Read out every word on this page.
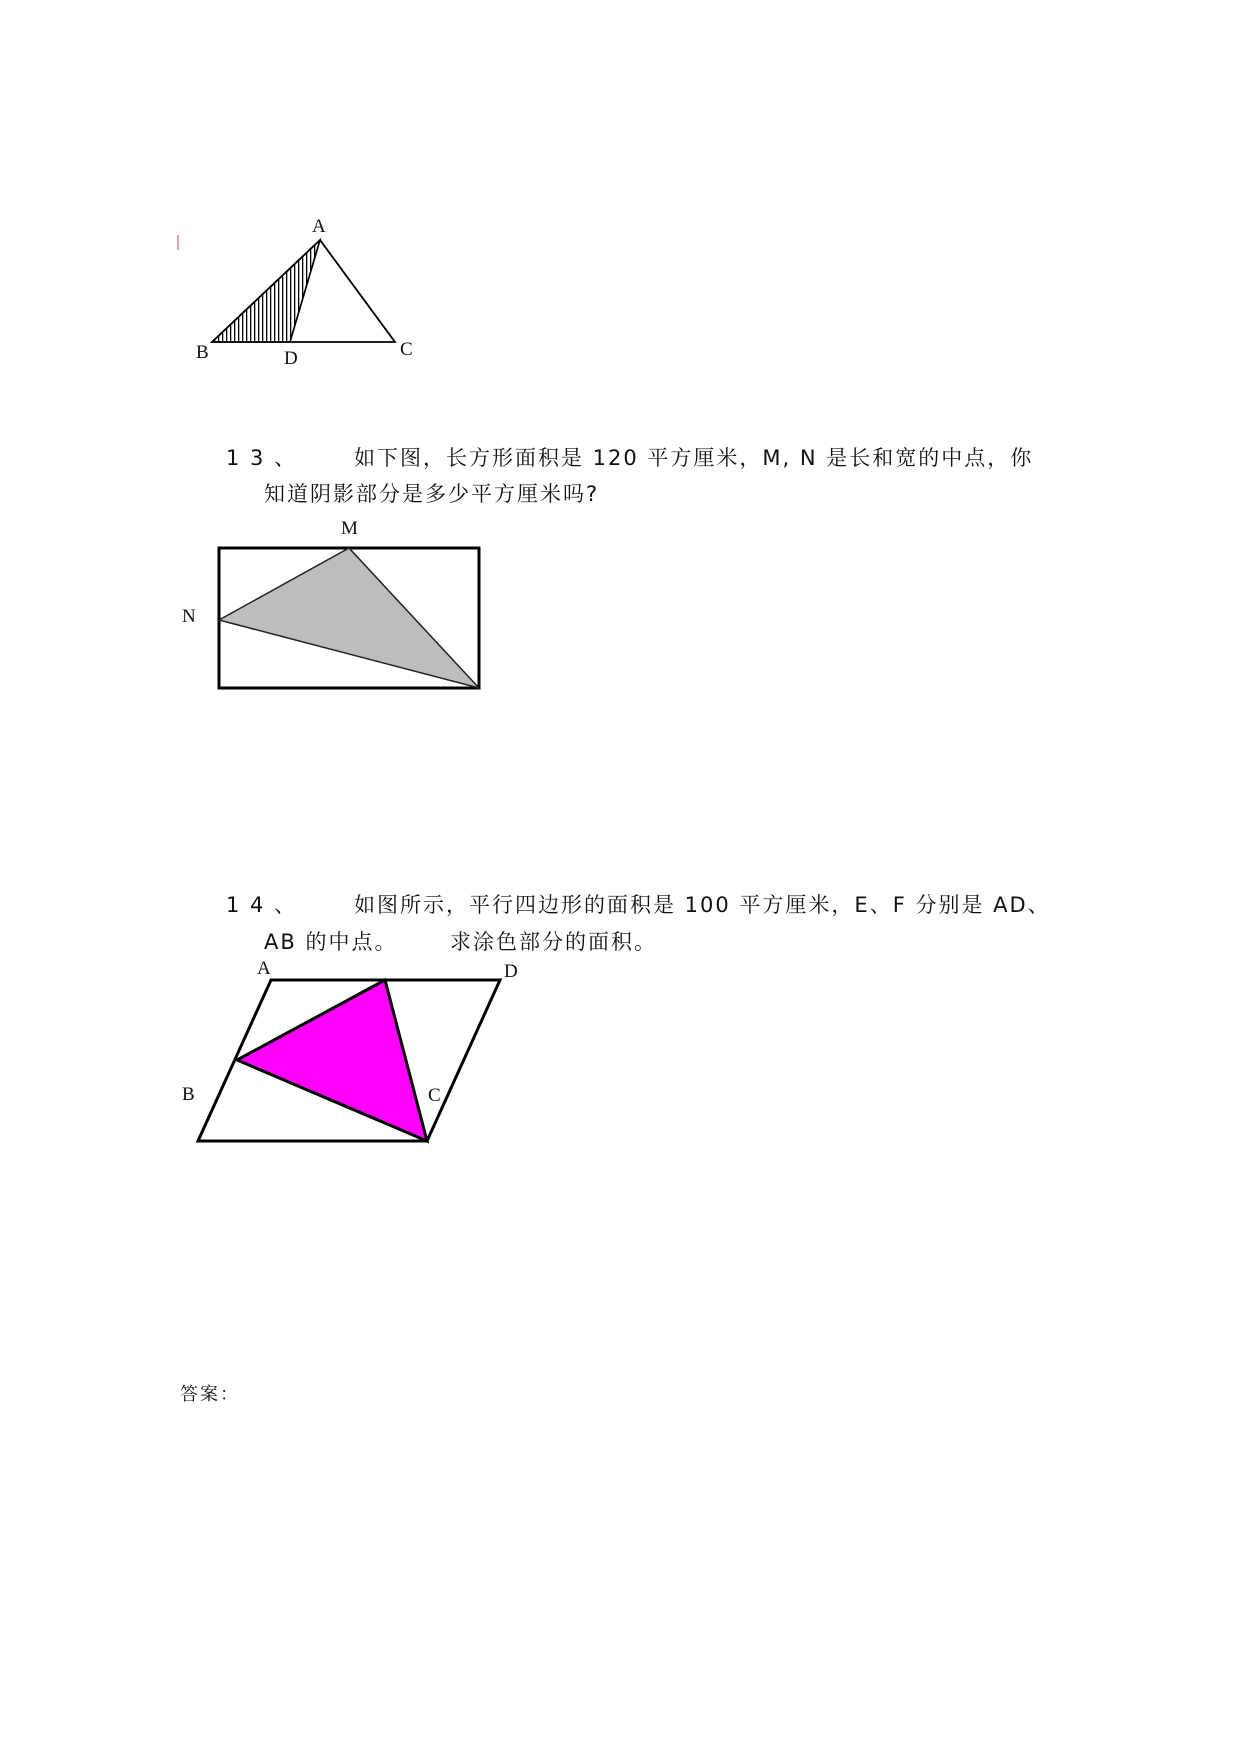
A
B	D	C
1 3 、	如下图，长方形面积是 120 平方厘米，M, N 是长和宽的中点，你
知道阴影部分是多少平方厘米吗?
M
N
1 4 、	如图所示，平行四边形的面积是 100 平方厘米，E、F 分别是 AD、
AB 的中点。	求涂色部分的面积。
A	D
B	C
答案：
